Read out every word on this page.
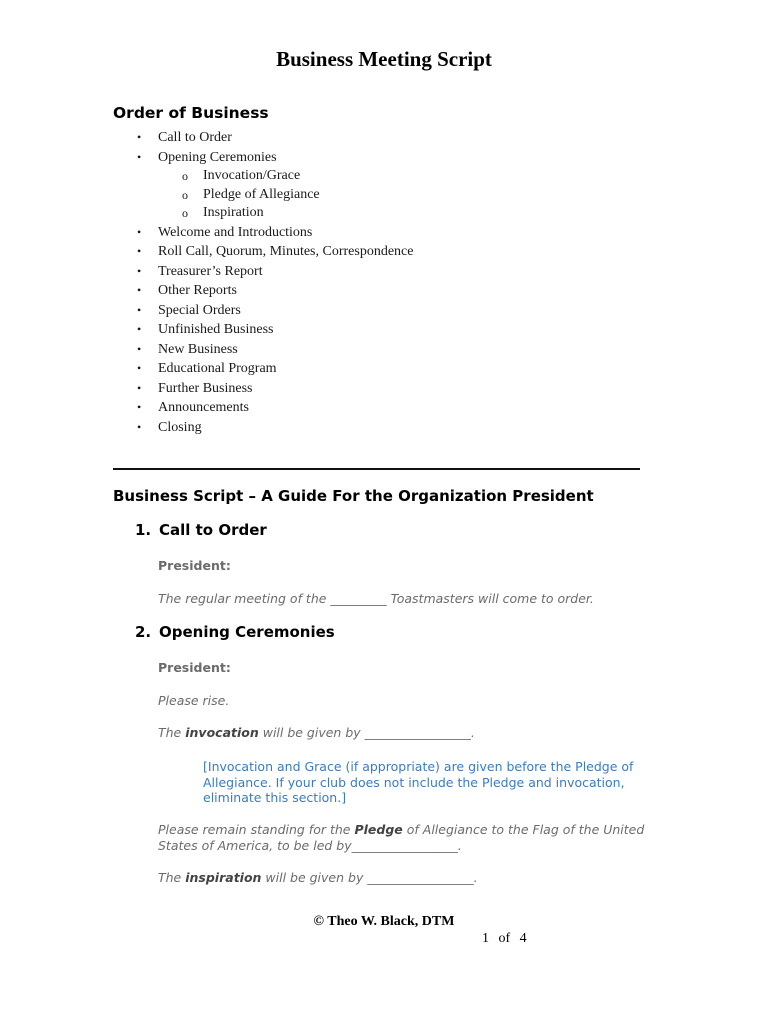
Business Meeting Script
Order of Business
• Call to Order
• Opening Ceremonies
o Invocation/Grace
o Pledge of Allegiance
o Inspiration
• Welcome and Introductions
• Roll Call, Quorum, Minutes, Correspondence
• Treasurer’s Report
• Other Reports
• Special Orders
• Unfinished Business
• New Business
• Educational Program
• Further Business
• Announcements
• Closing
Business Script – A Guide For the Organization President
1. Call to Order
President:
The regular meeting of the _________ Toastmasters will come to order.
2. Opening Ceremonies
President:
Please rise.
The invocation will be given by _________________.
[Invocation and Grace (if appropriate) are given before the Pledge of Allegiance. If your club does not include the Pledge and invocation, eliminate this section.]
Please remain standing for the Pledge of Allegiance to the Flag of the United States of America, to be led by_________________.
The inspiration will be given by _________________.
© Theo W. Black, DTM
1 of 4
